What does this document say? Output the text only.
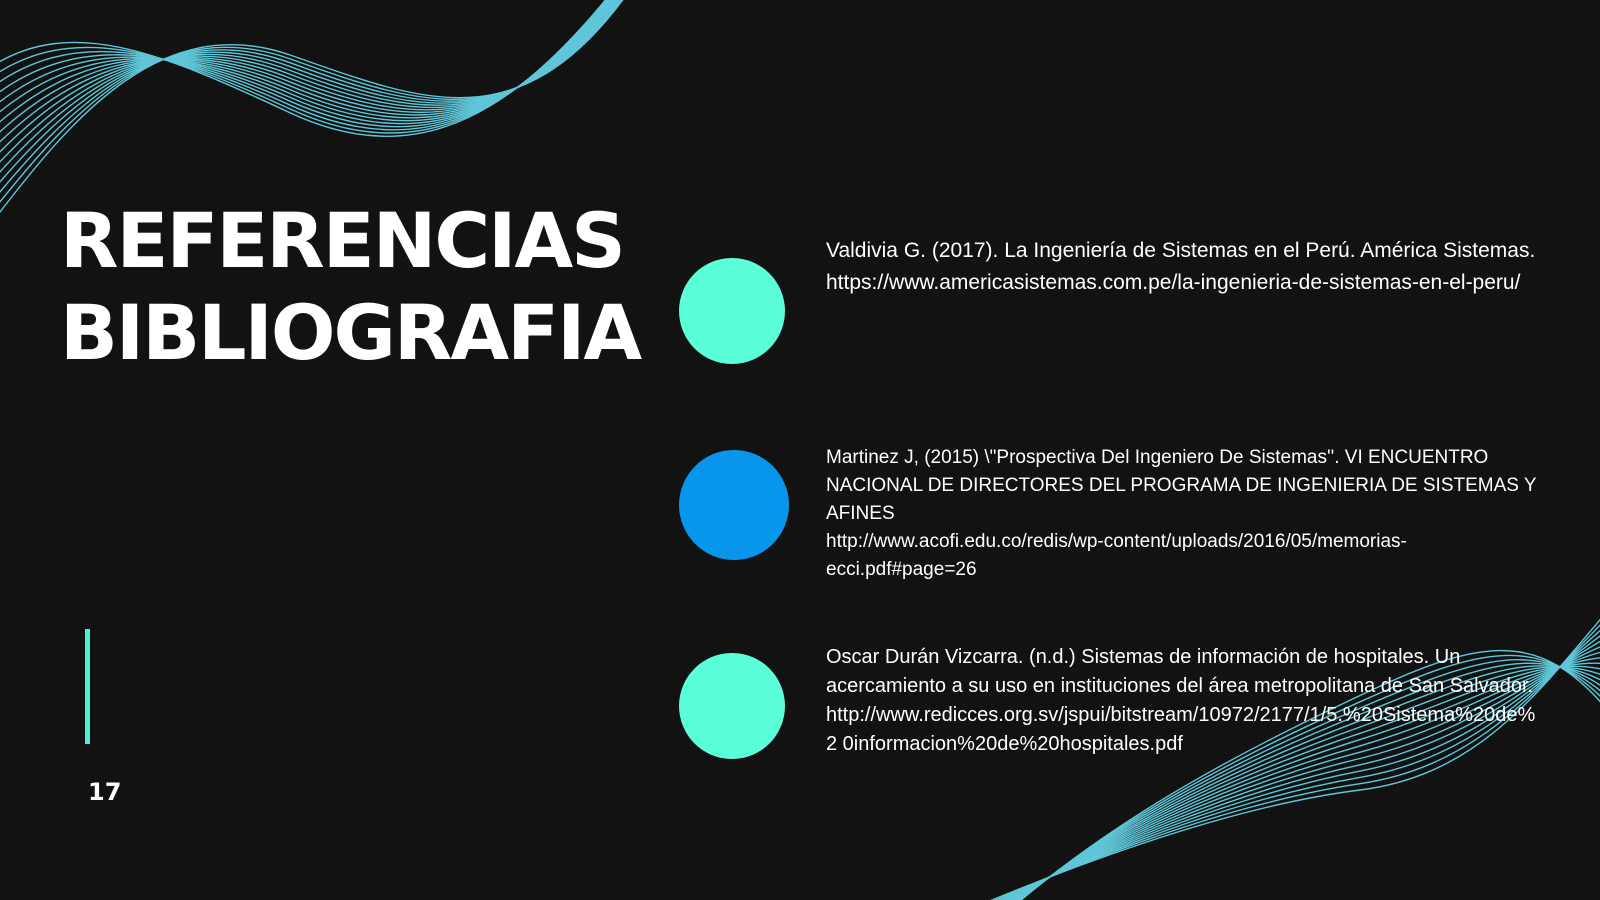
REFERENCIAS
BIBLIOGRAFIA
17

Valdivia G. (2017). La Ingeniería de Sistemas en el Perú. América Sistemas.
https://www.americasistemas.com.pe/la-ingenieria-de-sistemas-en-el-peru/

Martinez J, (2015) \"Prospectiva Del Ingeniero De Sistemas''. VI ENCUENTRO NACIONAL DE DIRECTORES DEL PROGRAMA DE INGENIERIA DE SISTEMAS Y AFINES
http://www.acofi.edu.co/redis/wp-content/uploads/2016/05/memorias-ecci.pdf#page=26

Oscar Durán Vizcarra. (n.d.) Sistemas de información de hospitales. Un acercamiento a su uso en instituciones del área metropolitana de San Salvador.
http://www.redicces.org.sv/jspui/bitstream/10972/2177/1/5.%20Sistema%20de%2 0informacion%20de%20hospitales.pdf
